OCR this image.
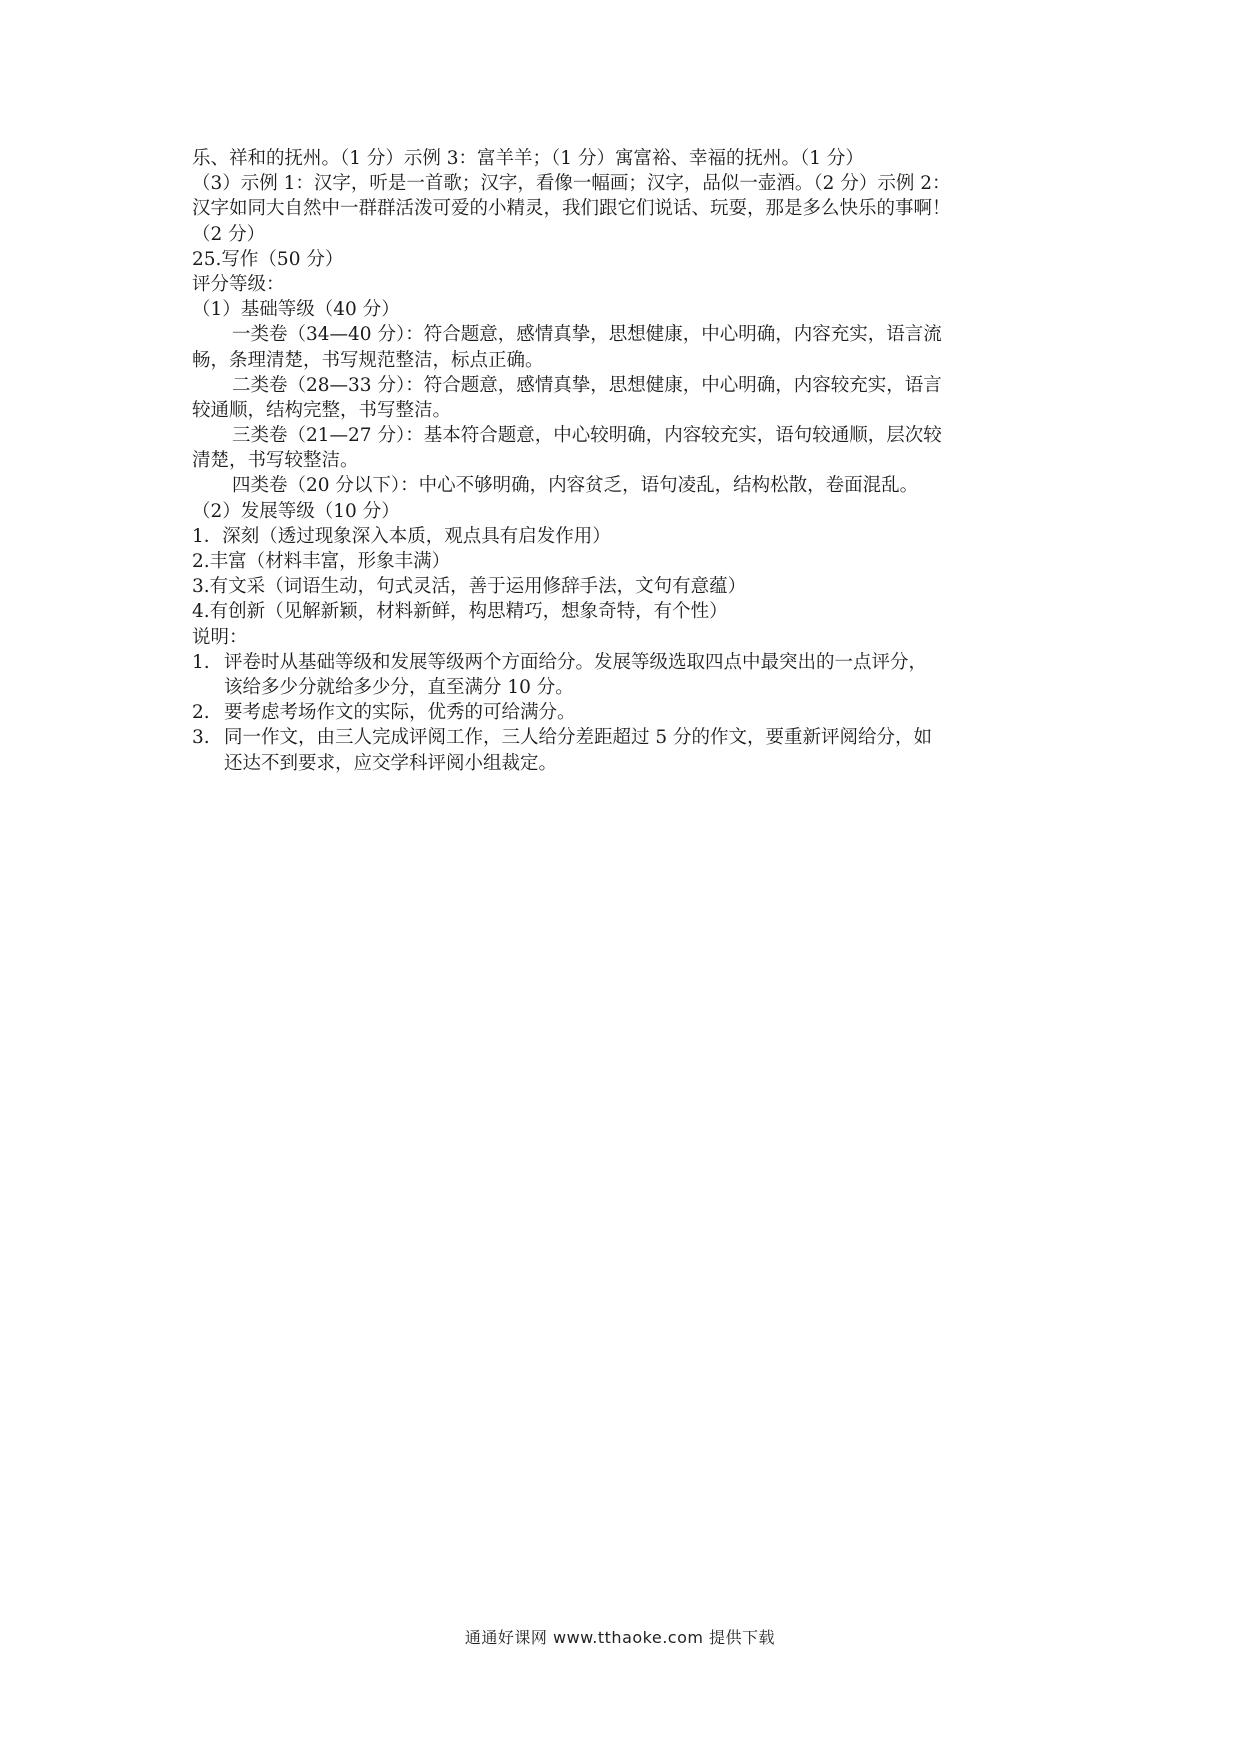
乐、祥和的抚州。（1 分）示例 3：富羊羊；（1 分）寓富裕、幸福的抚州。（1 分）
（3）示例 1：汉字，听是一首歌；汉字，看像一幅画；汉字，品似一壶酒。（2 分）示例 2：
汉字如同大自然中一群群活泼可爱的小精灵，我们跟它们说话、玩耍，那是多么快乐的事啊！
（2 分）
25.写作（50 分）
评分等级：
（1）基础等级（40 分）
一类卷（34—40 分）：符合题意，感情真挚，思想健康，中心明确，内容充实，语言流
畅，条理清楚，书写规范整洁，标点正确。
二类卷（28—33 分）：符合题意，感情真挚，思想健康，中心明确，内容较充实，语言
较通顺，结构完整，书写整洁。
三类卷（21—27 分）：基本符合题意，中心较明确，内容较充实，语句较通顺，层次较
清楚，书写较整洁。
四类卷（20 分以下）：中心不够明确，内容贫乏，语句凌乱，结构松散，卷面混乱。
（2）发展等级（10 分）
1．深刻（透过现象深入本质，观点具有启发作用）
2.丰富（材料丰富，形象丰满）
3.有文采（词语生动，句式灵活，善于运用修辞手法，文句有意蕴）
4.有创新（见解新颖，材料新鲜，构思精巧，想象奇特，有个性）
说明：
1. 评卷时从基础等级和发展等级两个方面给分。发展等级选取四点中最突出的一点评分，
该给多少分就给多少分，直至满分 10 分。
2. 要考虑考场作文的实际，优秀的可给满分。
3. 同一作文，由三人完成评阅工作，三人给分差距超过 5 分的作文，要重新评阅给分，如
还达不到要求，应交学科评阅小组裁定。
通通好课网 www.tthaoke.com 提供下载
